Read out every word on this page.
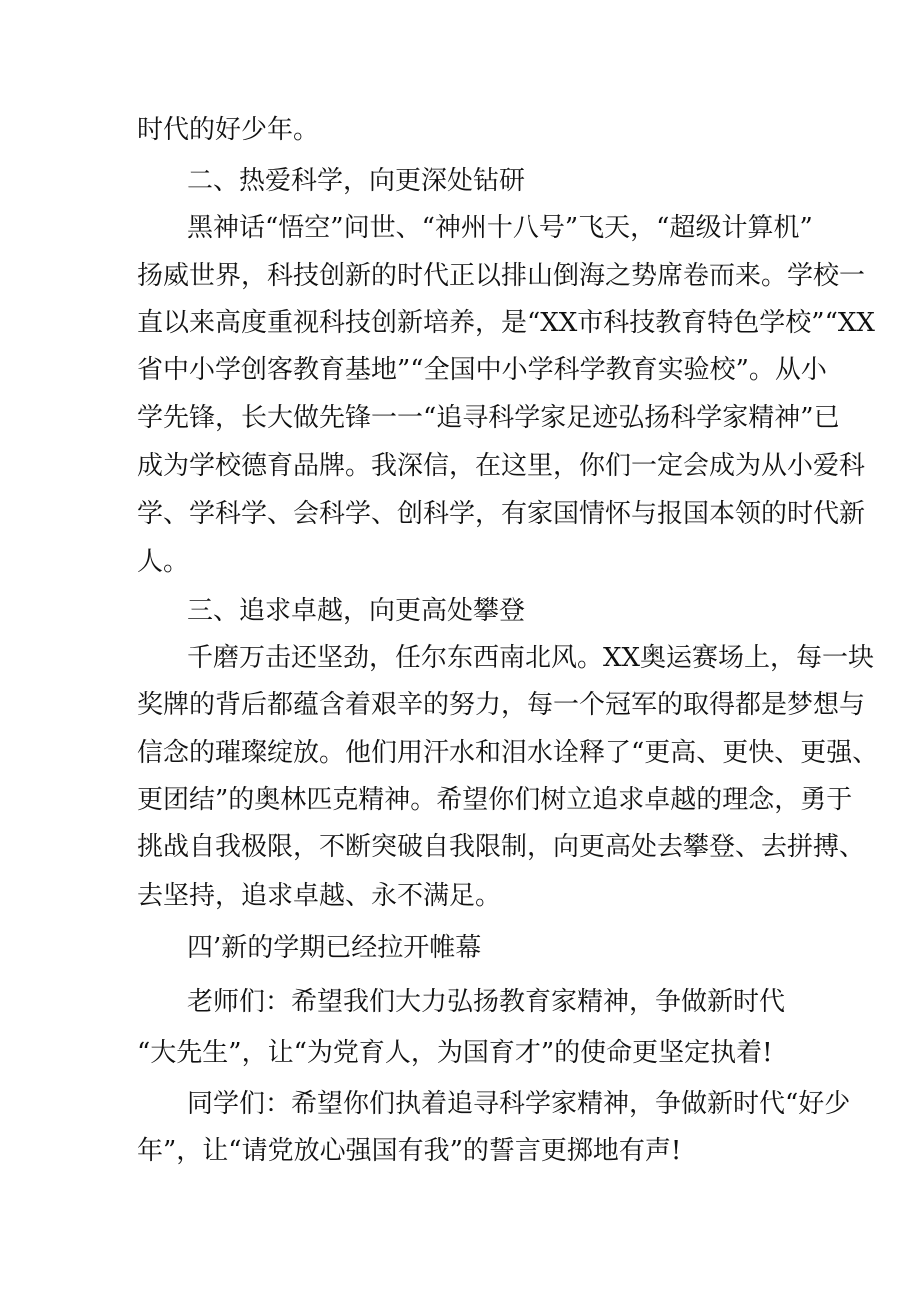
时代的好少年。
二、热爱科学，向更深处钻研
黑神话“悟空”问世、“神州十八号”飞天，“超级计算机”
扬威世界，科技创新的时代正以排山倒海之势席卷而来。学校一
直以来高度重视科技创新培养，是“XX市科技教育特色学校”“XX
省中小学创客教育基地”“全国中小学科学教育实验校”。从小
学先锋，长大做先锋一一“追寻科学家足迹弘扬科学家精神”已
成为学校德育品牌。我深信，在这里，你们一定会成为从小爱科
学、学科学、会科学、创科学，有家国情怀与报国本领的时代新
人。
三、追求卓越，向更高处攀登
千磨万击还坚劲，任尔东西南北风。XX奥运赛场上，每一块
奖牌的背后都蕴含着艰辛的努力，每一个冠军的取得都是梦想与
信念的璀璨绽放。他们用汗水和泪水诠释了“更高、更快、更强、
更团结”的奥林匹克精神。希望你们树立追求卓越的理念，勇于
挑战自我极限，不断突破自我限制，向更高处去攀登、去拼搏、
去坚持，追求卓越、永不满足。
四’新的学期已经拉开帷幕
老师们：希望我们大力弘扬教育家精神，争做新时代
“大先生”，让“为党育人，为国育才”的使命更坚定执着!
同学们：希望你们执着追寻科学家精神，争做新时代“好少
年”，让“请党放心强国有我”的誓言更掷地有声!
